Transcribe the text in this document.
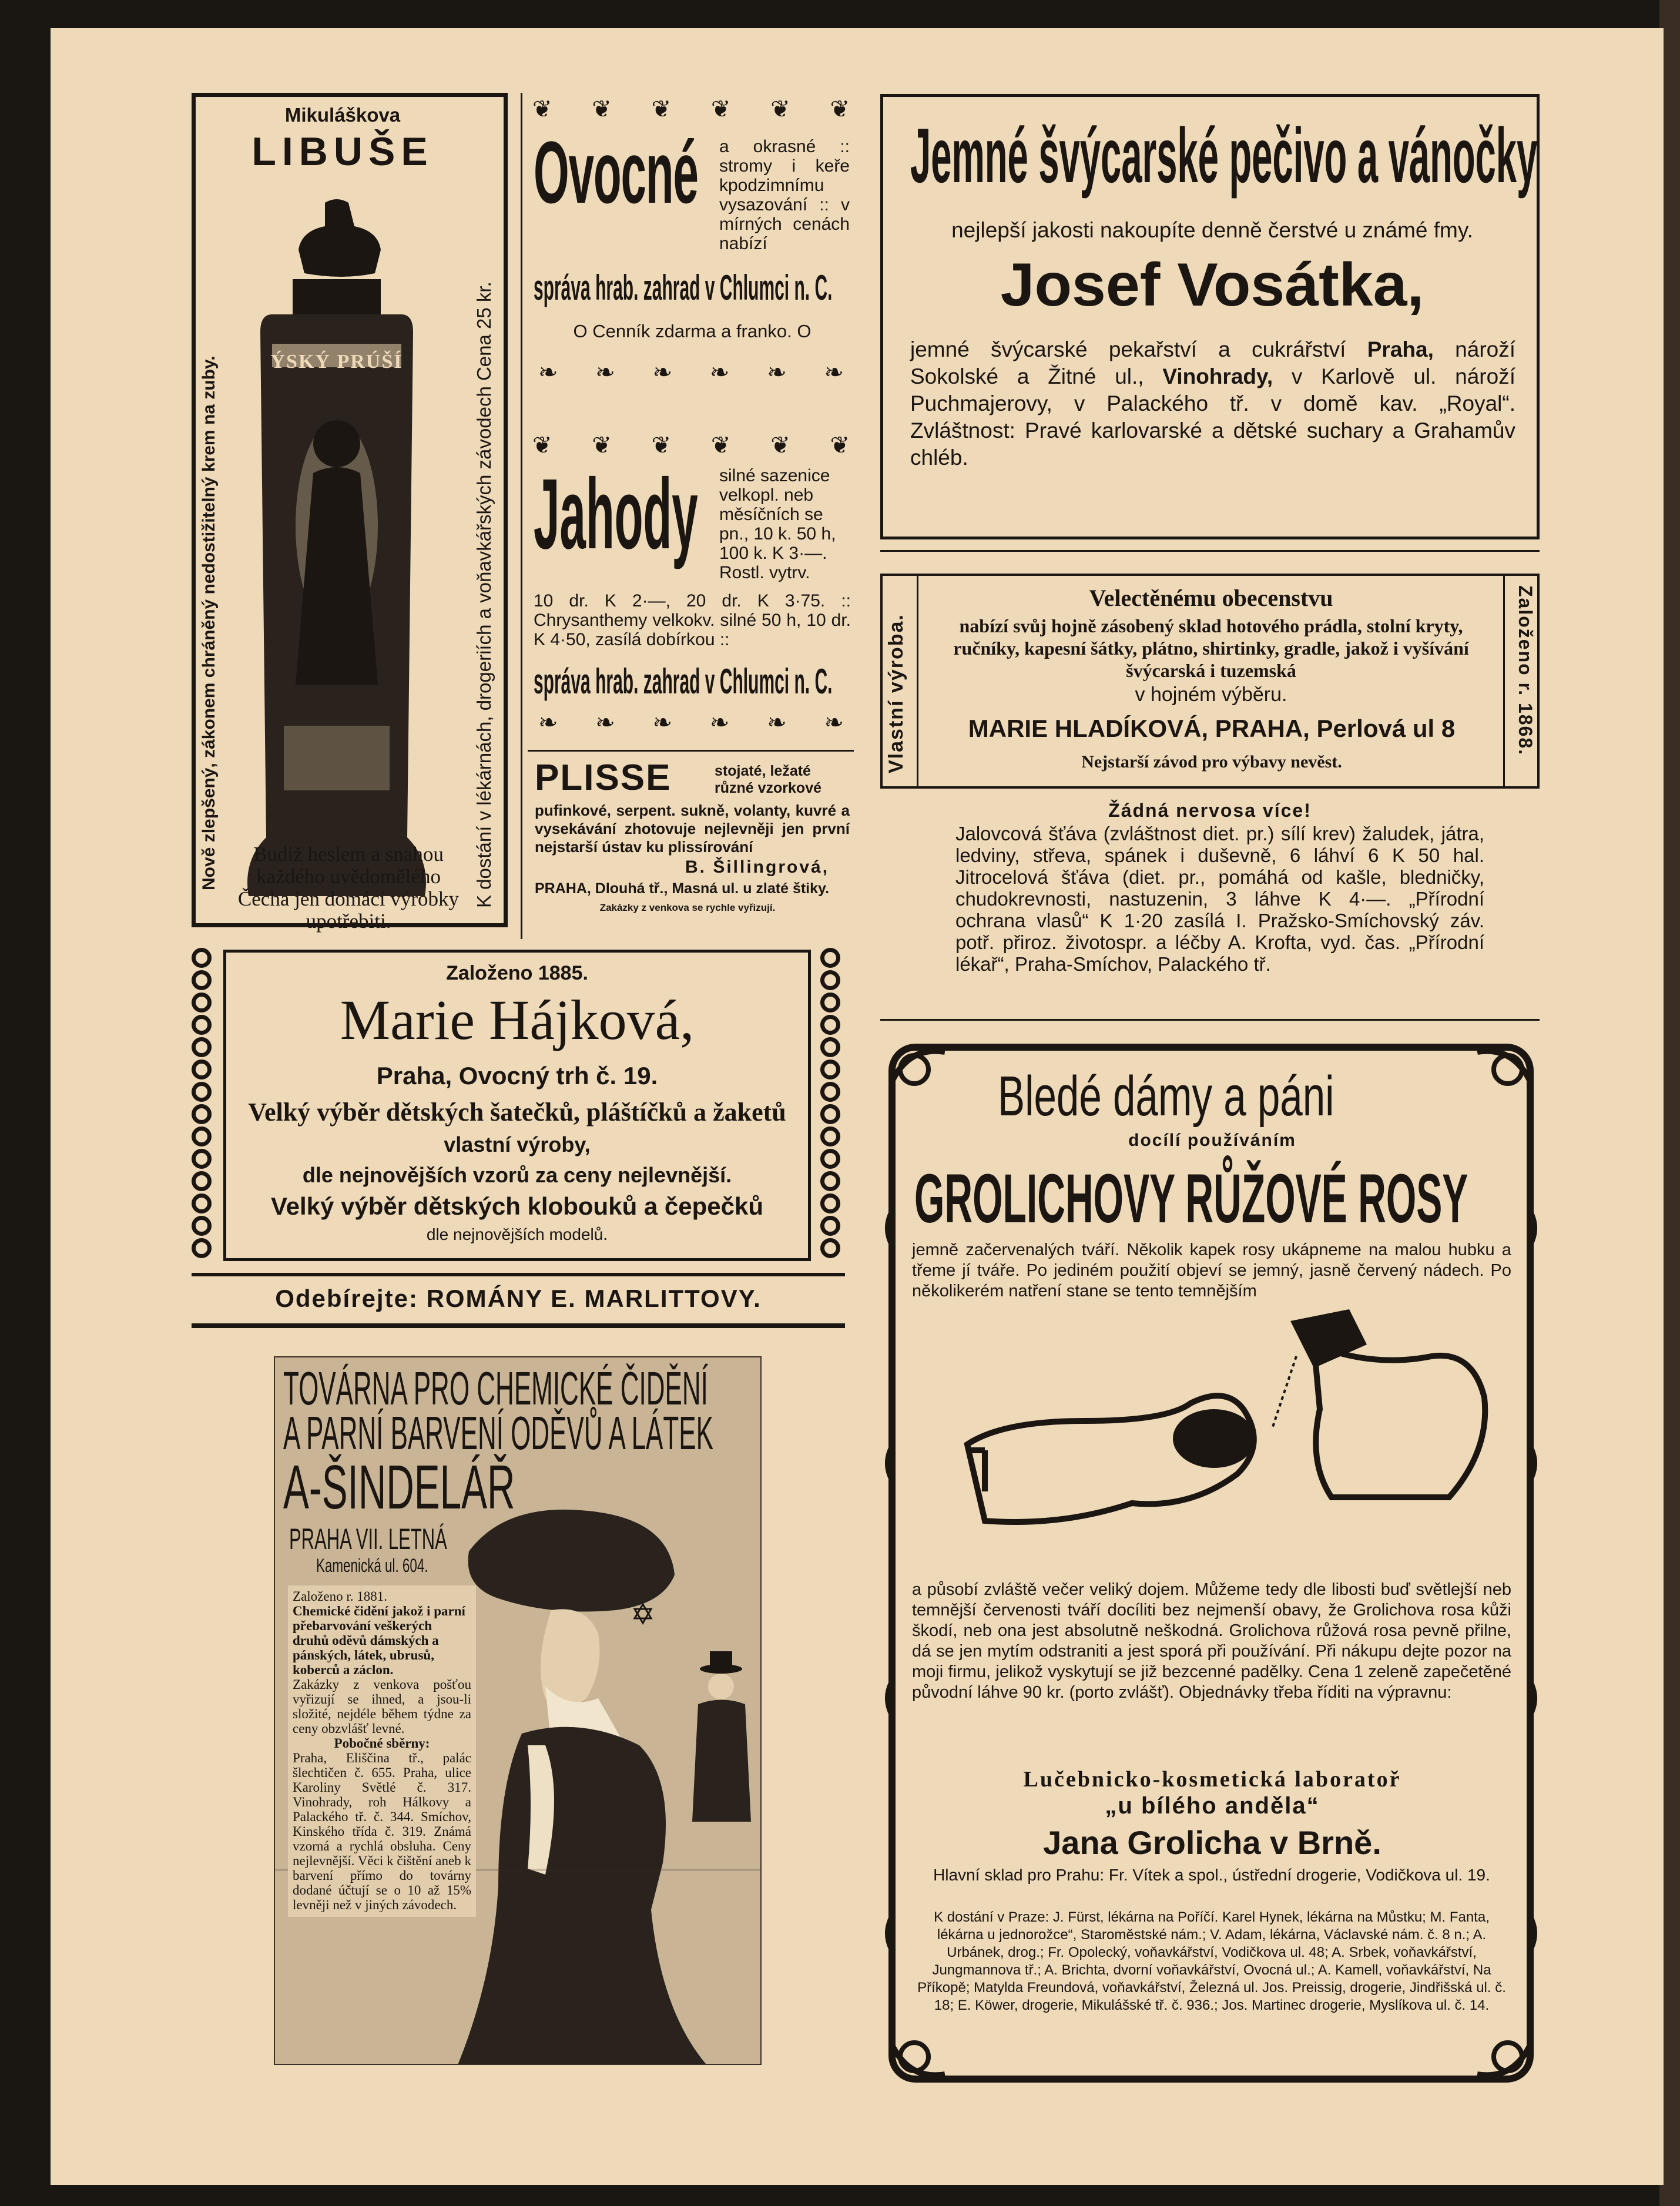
Nově zlepšený, zákonem chráněný nedostižitelný krem na zuby.	K dostání v lékárnách, drogeriích a voňavkářských závodech Cena 25 kr.
Mikuláškova
LIBUŠE
ÝSKÝ PRÚŠÍ
Budiž heslem a snahou každého uvědomělého Čecha jen domácí výrobky upotřebiti.
❦ ❦ ❦ ❦ ❦ ❦
Ovocné a okrasné :: stromy i keře kpodzimnímu vysazování :: v mírných cenách nabízí
správa hrab. zahrad v Chlumci n. C.
O Cenník zdarma a franko. O
❧ ❧ ❧ ❧ ❧ ❧
❦ ❦ ❦ ❦ ❦ ❦
Jahody silné sazenice velkopl. neb měsíčních se pn., 10 k. 50 h, 100 k. K 3·—. Rostl. vytrv.
10 dr. K 2·—, 20 dr. K 3·75. :: Chrysanthemy velkokv. silné 50 h, 10 dr. K 4·50, zasílá dobírkou ::
správa hrab. zahrad v Chlumci n. C.
❧ ❧ ❧ ❧ ❧ ❧
PLISSE	stojaté, ležaté různé vzorkové
pufinkové, serpent. sukně, volanty, kuvré a vysekávání zhotovuje nejlevněji jen první nejstarší ústav ku plissírování
B. Šillingrová,
PRAHA, Dlouhá tř., Masná ul. u zlaté štiky.
Zakázky z venkova se rychle vyřizují.
Jemné švýcarské pečivo a vánočky
nejlepší jakosti nakoupíte denně čerstvé u známé fmy.
Josef Vosátka,
jemné švýcarské pekařství a cukrářství Praha, nároží Sokolské a Žitné ul., Vinohrady, v Karlově ul. nároží Puchmajerovy, v Palackého tř. v domě kav. „Royal“. Zvláštnost: Pravé karlovarské a dětské suchary a Grahamův chléb.
Vlastní výroba.	Založeno r. 1868.
Velectěnému obecenstvu
nabízí svůj hojně zásobený sklad hotového prádla, stolní kryty, ručníky, kapesní šátky, plátno, shirtinky, gradle, jakož i vyšívání švýcarská i tuzemská
v hojném výběru.
MARIE HLADÍKOVÁ, PRAHA, Perlová ul 8
Nejstarší závod pro výbavy nevěst.
Žádná nervosa více!
Jalovcová šťáva (zvláštnost diet. pr.) sílí krev) žaludek, játra, ledviny, střeva, spánek i duševně, 6 láhví 6 K 50 hal. Jitrocelová šťáva (diet. pr., pomáhá od kašle, bledničky, chudokrevnosti, nastuzenin, 3 láhve K 4·—. „Přírodní ochrana vlasů“ K 1·20 zasílá I. Pražsko-Smíchovský záv. potř. přiroz. životospr. a léčby A. Krofta, vyd. čas. „Přírodní lékař“, Praha-Smíchov, Palackého tř.
Založeno 1885.
Marie Hájková,
Praha, Ovocný trh č. 19.
Velký výběr dětských šatečků, pláštíčků a žaketů
vlastní výroby,
dle nejnovějších vzorů za ceny nejlevnější.
Velký výběr dětských klobouků a čepečků
dle nejnovějších modelů.
Odebírejte: ROMÁNY E. MARLITTOVY.
TOVÁRNA PRO CHEMICKÉ ČIDĚNÍ
A PARNÍ BARVENÍ ODĚVŮ A LÁTEK
A-ŠINDELÁŘ
PRAHA VII. LETNÁ
Kamenická ul. 604.

Založeno r. 1881.

Chemické čidění jakož i parní přebarvování veškerých druhů oděvů dámských a pánských, látek, ubrusů, koberců a záclon.

Zakázky z venkova pošťou vyřizují se ihned, a jsou-li složité, nejdéle během týdne za ceny obzvlášť levné.

Pobočné sběrny:

Praha, Eliščina tř., palác šlechtičen č. 655. Praha, ulice Karoliny Světlé č. 317. Vinohrady, roh Hálkovy a Palackého tř. č. 344. Smíchov, Kinského třída č. 319. Známá vzorná a rychlá obsluha. Ceny nejlevnější. Věci k čištění aneb k barvení přímo do továrny dodané účtují se o 10 až 15% levněji než v jiných závodech.

Bledé dámy a páni
docílí používáním
GROLICHOVY RŮŽOVÉ ROSY
jemně začervenalých tváří. Několik kapek rosy ukápneme na malou hubku a třeme jí tváře. Po jediném použití objeví se jemný, jasně červený nádech. Po několikerém natření stane se tento temnějším
a působí zvláště večer veliký dojem. Můžeme tedy dle libosti buď světlejší neb temnější červenosti tváří docíliti bez nejmenší obavy, že Grolichova rosa kůži škodí, neb ona jest absolutně neškodná. Grolichova růžová rosa pevně přilne, dá se jen mytím odstraniti a jest sporá při používání. Při nákupu dejte pozor na moji firmu, jelikož vyskytují se již bezcenné padělky. Cena 1 zeleně zapečetěné původní láhve 90 kr. (porto zvlášť). Objednávky třeba říditi na výpravnu:
Lučebnicko-kosmetická laboratoř
„u bílého anděla“
Jana Grolicha v Brně.
Hlavní sklad pro Prahu: Fr. Vítek a spol., ústřední drogerie, Vodičkova ul. 19.
K dostání v Praze: J. Fürst, lékárna na Poříčí. Karel Hynek, lékárna na Můstku; M. Fanta, lékárna u jednorožce“, Staroměstské nám.; V. Adam, lékárna, Václavské nám. č. 8 n.; A. Urbánek, drog.; Fr. Opolecký, voňavkářství, Vodičkova ul. 48; A. Srbek, voňavkářství, Jungmannova tř.; A. Brichta, dvorní voňavkářství, Ovocná ul.; A. Kamell, voňavkářství, Na Příkopě; Matylda Freundová, voňavkářství, Železná ul. Jos. Preissig, drogerie, Jindřišská ul. č. 18; E. Köwer, drogerie, Mikulášské tř. č. 936.; Jos. Martinec drogerie, Myslíkova ul. č. 14.
